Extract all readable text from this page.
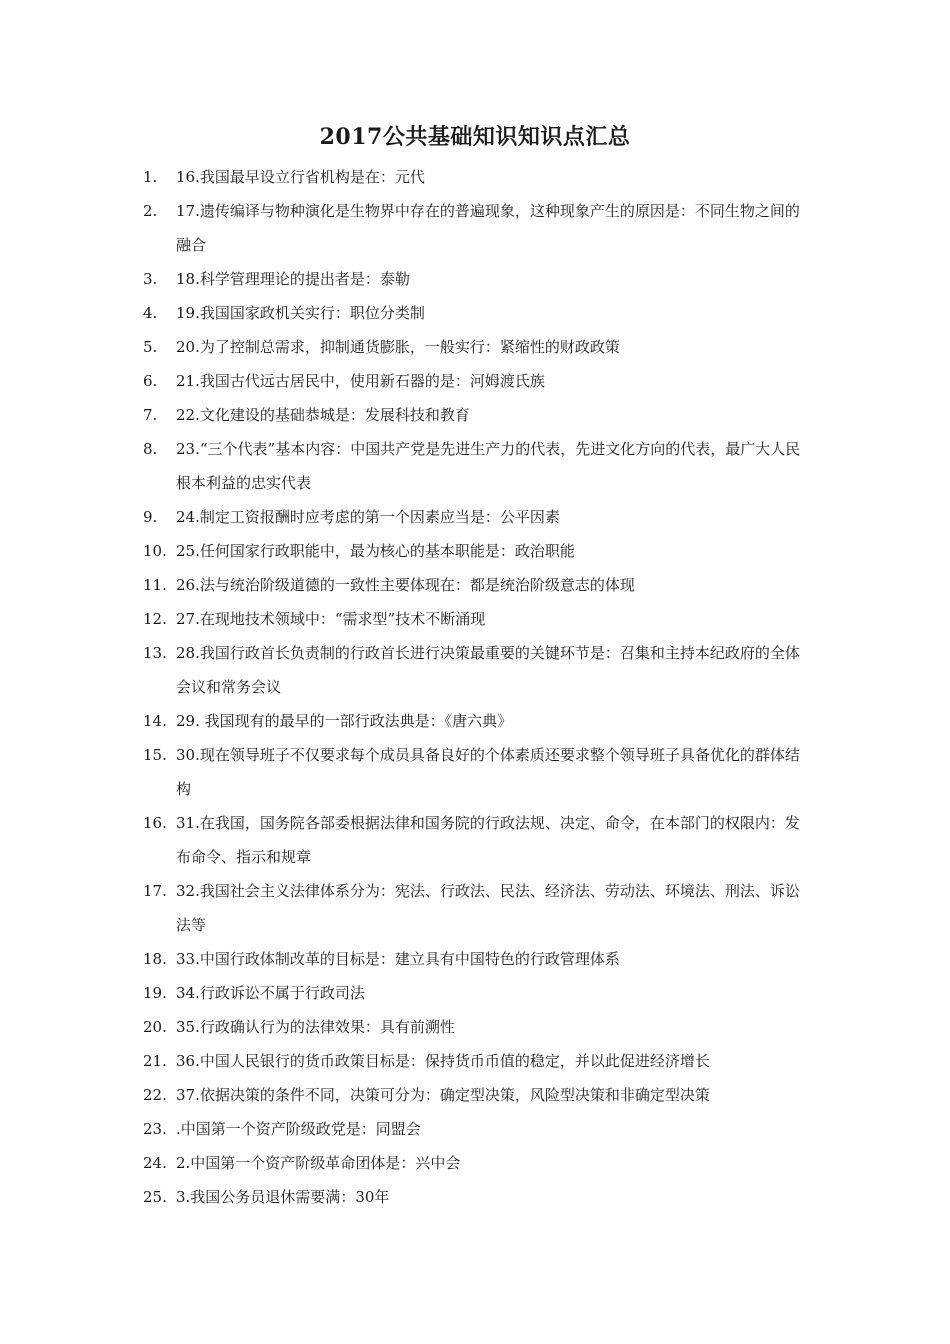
2017公共基础知识知识点汇总
1.	16.我国最早设立行省机构是在：元代
2.	17.遗传编译与物种演化是生物界中存在的普遍现象，这种现象产生的原因是：不同生物之间的融合
3.	18.科学管理理论的提出者是：泰勒
4.	19.我国国家政机关实行：职位分类制
5.	20.为了控制总需求，抑制通货膨胀，一般实行：紧缩性的财政政策
6.	21.我国古代远古居民中，使用新石器的是：河姆渡氏族
7.	22.文化建设的基础恭城是：发展科技和教育
8.	23.“三个代表”基本内容：中国共产党是先进生产力的代表，先进文化方向的代表，最广大人民根本利益的忠实代表
9.	24.制定工资报酬时应考虑的第一个因素应当是：公平因素
10. 25.任何国家行政职能中，最为核心的基本职能是：政治职能
11. 26.法与统治阶级道德的一致性主要体现在：都是统治阶级意志的体现
12. 27.在现地技术领域中：“需求型”技术不断涌现
13. 28.我国行政首长负责制的行政首长进行决策最重要的关键环节是：召集和主持本纪政府的全体会议和常务会议
14. 29. 我国现有的最早的一部行政法典是：《唐六典》
15. 30.现在领导班子不仅要求每个成员具备良好的个体素质还要求整个领导班子具备优化的群体结构
16. 31.在我国，国务院各部委根据法律和国务院的行政法规、决定、命令，在本部门的权限内：发布命令、指示和规章
17. 32.我国社会主义法律体系分为：宪法、行政法、民法、经济法、劳动法、环境法、刑法、诉讼法等
18. 33.中国行政体制改革的目标是：建立具有中国特色的行政管理体系
19. 34.行政诉讼不属于行政司法
20. 35.行政确认行为的法律效果：具有前溯性
21. 36.中国人民银行的货币政策目标是：保持货币币值的稳定，并以此促进经济增长
22. 37.依据决策的条件不同，决策可分为：确定型决策，风险型决策和非确定型决策
23. .中国第一个资产阶级政党是：同盟会
24. 2.中国第一个资产阶级革命团体是：兴中会
25. 3.我国公务员退休需要满：30年
